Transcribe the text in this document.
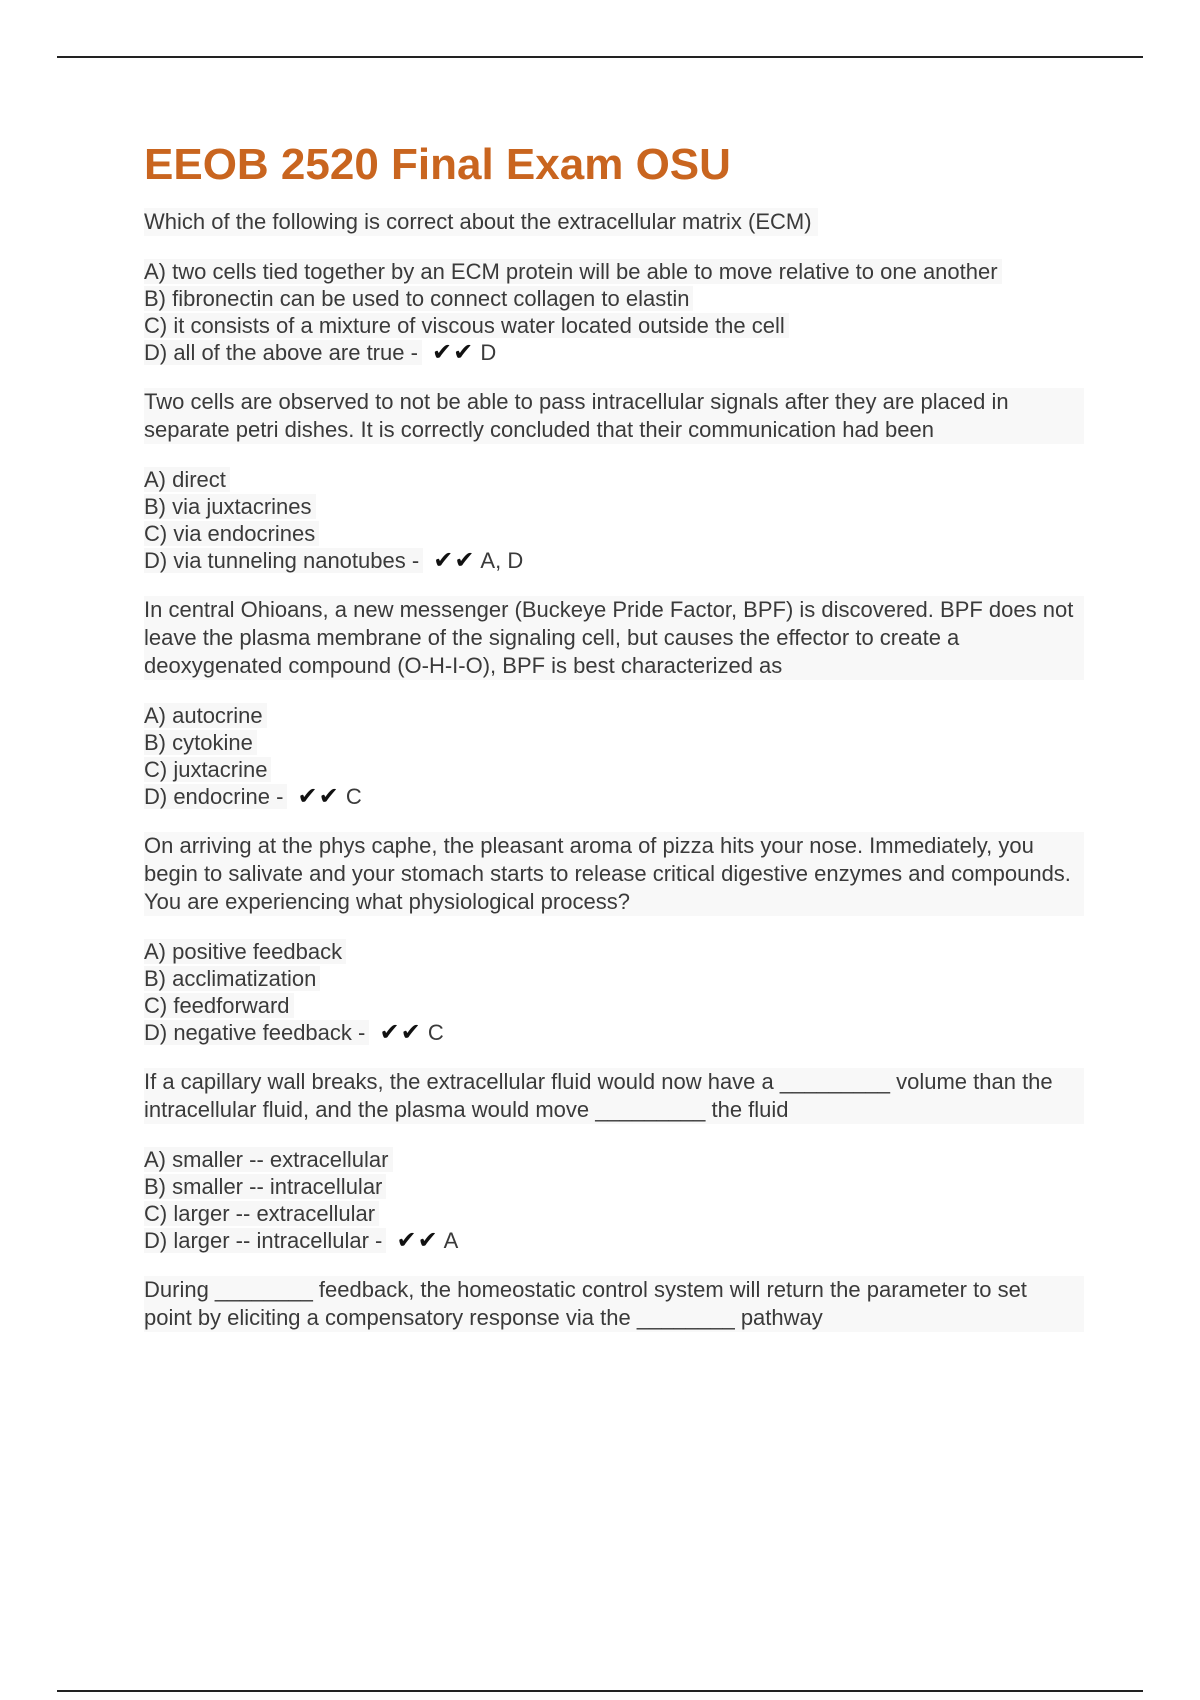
EEOB 2520 Final Exam OSU
Which of the following is correct about the extracellular matrix (ECM)
A) two cells tied together by an ECM protein will be able to move relative to one another
B) fibronectin can be used to connect collagen to elastin
C) it consists of a mixture of viscous water located outside the cell
D) all of the above are true - ✔✔ D
Two cells are observed to not be able to pass intracellular signals after they are placed in separate petri dishes. It is correctly concluded that their communication had been
A) direct
B) via juxtacrines
C) via endocrines
D) via tunneling nanotubes - ✔✔ A, D
In central Ohioans, a new messenger (Buckeye Pride Factor, BPF) is discovered. BPF does not leave the plasma membrane of the signaling cell, but causes the effector to create a deoxygenated compound (O-H-I-O), BPF is best characterized as
A) autocrine
B) cytokine
C) juxtacrine
D) endocrine - ✔✔ C
On arriving at the phys caphe, the pleasant aroma of pizza hits your nose. Immediately, you begin to salivate and your stomach starts to release critical digestive enzymes and compounds. You are experiencing what physiological process?
A) positive feedback
B) acclimatization
C) feedforward
D) negative feedback - ✔✔ C
If a capillary wall breaks, the extracellular fluid would now have a _________ volume than the intracellular fluid, and the plasma would move _________ the fluid
A) smaller -- extracellular
B) smaller -- intracellular
C) larger -- extracellular
D) larger -- intracellular - ✔✔ A
During ________ feedback, the homeostatic control system will return the parameter to set point by eliciting a compensatory response via the ________ pathway
